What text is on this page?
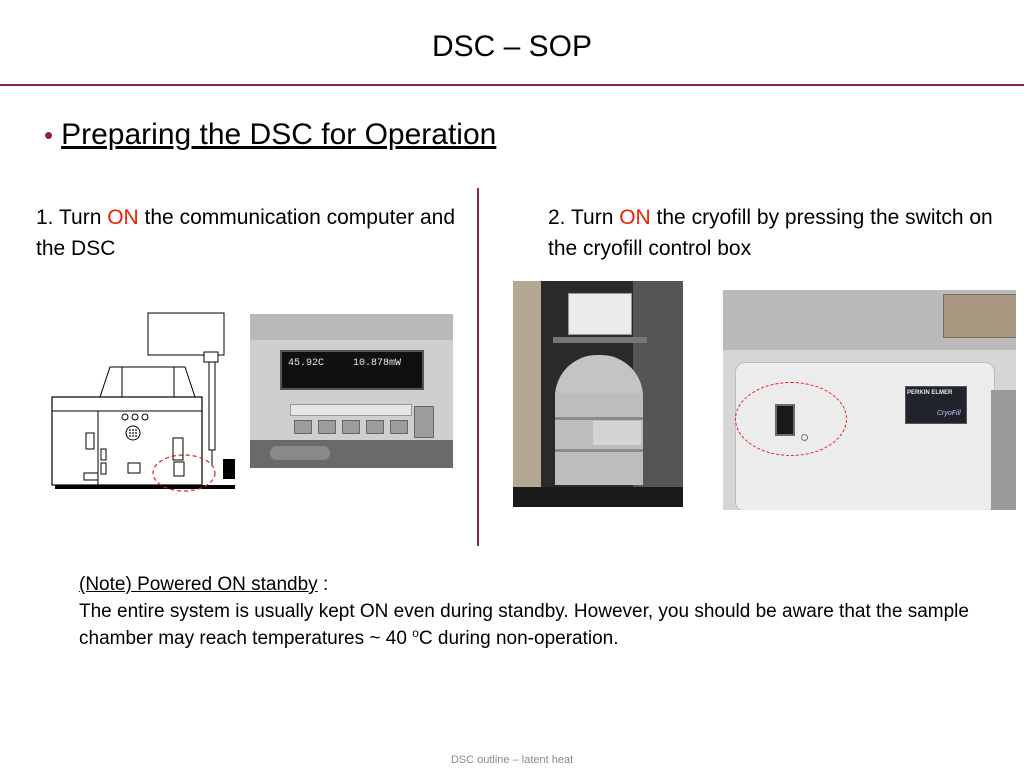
DSC – SOP
• Preparing the DSC for Operation
1. Turn ON the communication computer and the DSC
2. Turn ON the cryofill by pressing the switch on the cryofill control box
45.92C	10.878mW
PERKIN ELMER
CryoFill
(Note) Powered ON standby :
The entire system is usually kept ON even during standby. However, you should be aware that the sample chamber may reach temperatures ~ 40 $^o$C during non-operation.
DSC outline – latent heat
